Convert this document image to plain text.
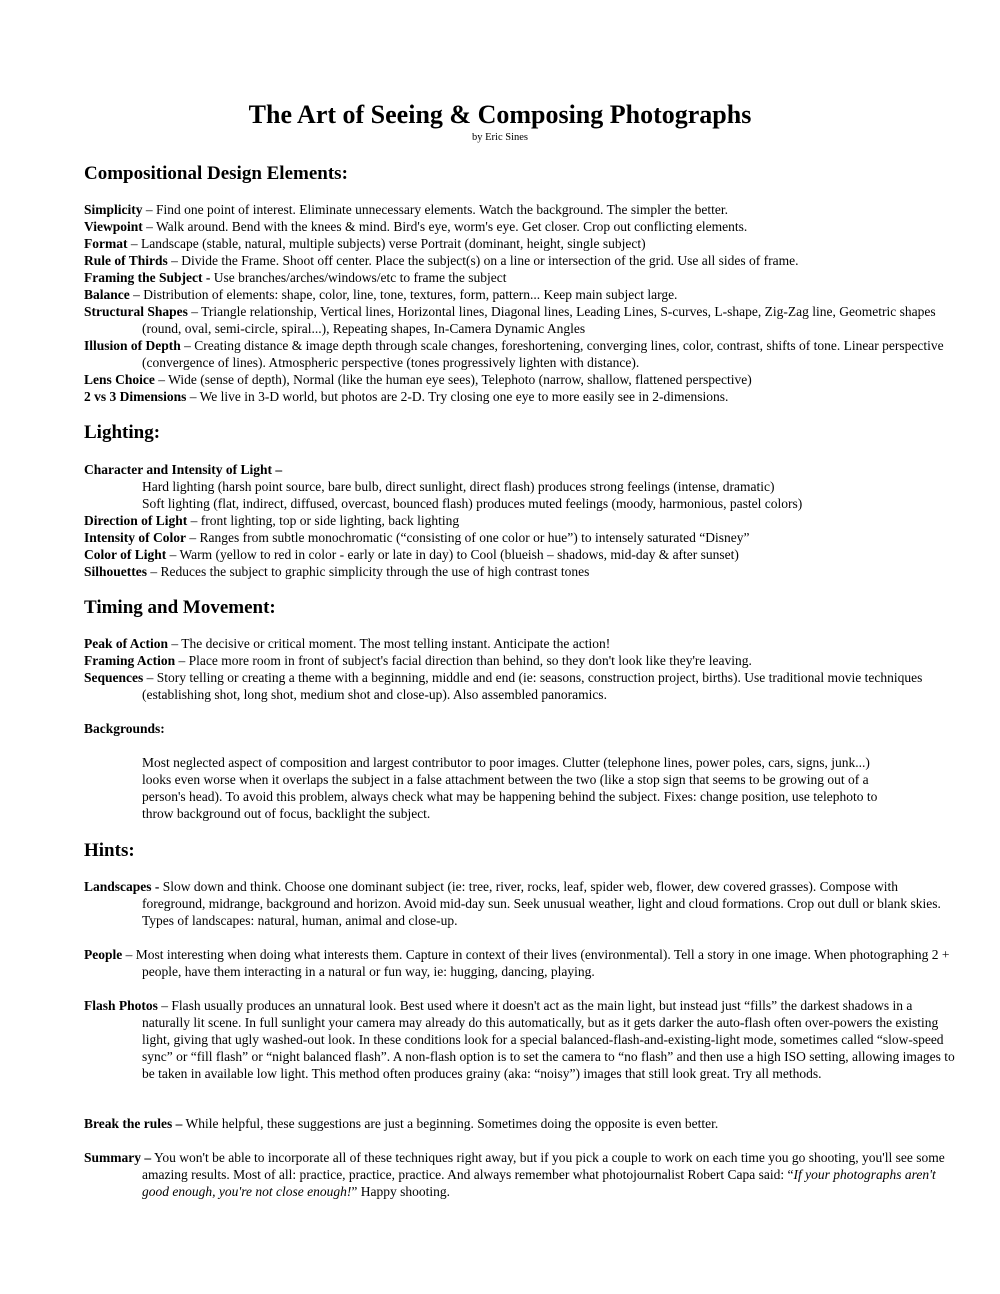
The Art of Seeing & Composing Photographs
by Eric Sines
Compositional Design Elements:

Simplicity – Find one point of interest. Eliminate unnecessary elements. Watch the background. The simpler the better.

Viewpoint – Walk around. Bend with the knees & mind. Bird's eye, worm's eye. Get closer. Crop out conflicting elements.

Format – Landscape (stable, natural, multiple subjects) verse Portrait (dominant, height, single subject)

Rule of Thirds – Divide the Frame. Shoot off center. Place the subject(s) on a line or intersection of the grid. Use all sides of frame.

Framing the Subject - Use branches/arches/windows/etc to frame the subject

Balance – Distribution of elements: shape, color, line, tone, textures, form, pattern... Keep main subject large.

Structural Shapes – Triangle relationship, Vertical lines, Horizontal lines, Diagonal lines, Leading Lines, S-curves, L-shape, Zig-Zag line, Geometric shapes (round, oval, semi-circle, spiral...), Repeating shapes, In-Camera Dynamic Angles

Illusion of Depth – Creating distance & image depth through scale changes, foreshortening, converging lines, color, contrast, shifts of tone. Linear perspective (convergence of lines). Atmospheric perspective (tones progressively lighten with distance).

Lens Choice – Wide (sense of depth), Normal (like the human eye sees), Telephoto (narrow, shallow, flattened perspective)

2 vs 3 Dimensions – We live in 3-D world, but photos are 2-D. Try closing one eye to more easily see in 2-dimensions.

Lighting:

Character and Intensity of Light –

Hard lighting (harsh point source, bare bulb, direct sunlight, direct flash) produces strong feelings (intense, dramatic)

Soft lighting (flat, indirect, diffused, overcast, bounced flash) produces muted feelings (moody, harmonious, pastel colors)

Direction of Light – front lighting, top or side lighting, back lighting

Intensity of Color – Ranges from subtle monochromatic (“consisting of one color or hue”) to intensely saturated “Disney”

Color of Light – Warm (yellow to red in color - early or late in day) to Cool (blueish – shadows, mid-day & after sunset)

Silhouettes – Reduces the subject to graphic simplicity through the use of high contrast tones

Timing and Movement:

Peak of Action – The decisive or critical moment. The most telling instant. Anticipate the action!

Framing Action – Place more room in front of subject's facial direction than behind, so they don't look like they're leaving.

Sequences – Story telling or creating a theme with a beginning, middle and end (ie: seasons, construction project, births). Use traditional movie techniques (establishing shot, long shot, medium shot and close-up). Also assembled panoramics.

Backgrounds:

Most neglected aspect of composition and largest contributor to poor images. Clutter (telephone lines, power poles, cars, signs, junk...) looks even worse when it overlaps the subject in a false attachment between the two (like a stop sign that seems to be growing out of a person's head). To avoid this problem, always check what may be happening behind the subject. Fixes: change position, use telephoto to throw background out of focus, backlight the subject.

Hints:

Landscapes - Slow down and think. Choose one dominant subject (ie: tree, river, rocks, leaf, spider web, flower, dew covered grasses). Compose with foreground, midrange, background and horizon. Avoid mid-day sun. Seek unusual weather, light and cloud formations. Crop out dull or blank skies. Types of landscapes: natural, human, animal and close-up.

People – Most interesting when doing what interests them. Capture in context of their lives (environmental). Tell a story in one image. When photographing 2 + people, have them interacting in a natural or fun way, ie: hugging, dancing, playing.

Flash Photos – Flash usually produces an unnatural look. Best used where it doesn't act as the main light, but instead just “fills” the darkest shadows in a naturally lit scene. In full sunlight your camera may already do this automatically, but as it gets darker the auto-flash often over-powers the existing light, giving that ugly washed-out look. In these conditions look for a special balanced-flash-and-existing-light mode, sometimes called “slow-speed sync” or “fill flash” or “night balanced flash”. A non-flash option is to set the camera to “no flash” and then use a high ISO setting, allowing images to be taken in available low light. This method often produces grainy (aka: “noisy”) images that still look great. Try all methods.

Break the rules – While helpful, these suggestions are just a beginning. Sometimes doing the opposite is even better.

Summary – You won't be able to incorporate all of these techniques right away, but if you pick a couple to work on each time you go shooting, you'll see some amazing results. Most of all: practice, practice, practice. And always remember what photojournalist Robert Capa said: “If your photographs aren't good enough, you're not close enough!” Happy shooting.
